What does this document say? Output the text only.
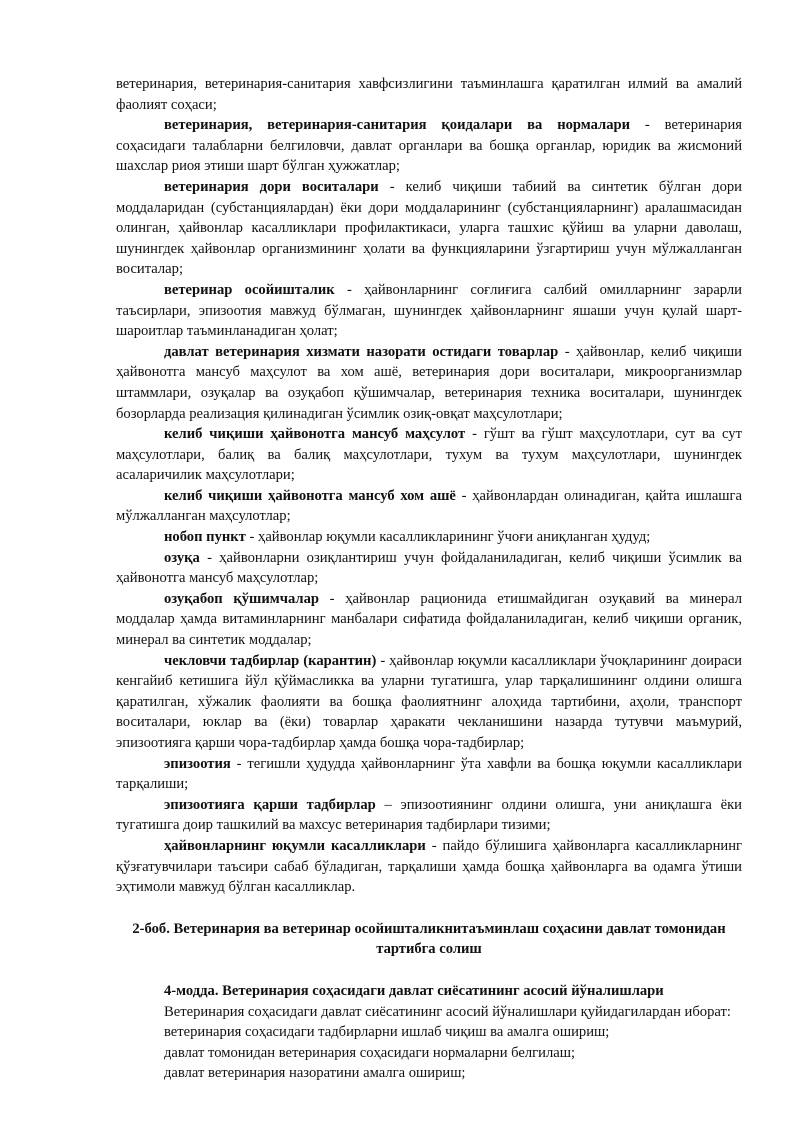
ветеринария, ветеринария-санитария хавфсизлигини таъминлашга қаратилган илмий ва амалий фаолият соҳаси;

ветеринария, ветеринария-санитария қоидалари ва нормалари - ветеринария соҳасидаги талабларни белгиловчи, давлат органлари ва бошқа органлар, юридик ва жисмоний шахслар риоя этиши шарт бўлган ҳужжатлар;

ветеринария дори воситалари - келиб чиқиши табиий ва синтетик бўлган дори моддаларидан (субстанциялардан) ёки дори моддаларининг (субстанцияларнинг) аралашмасидан олинган, ҳайвонлар касалликлари профилактикаси, уларга ташхис қўйиш ва уларни даволаш, шунингдек ҳайвонлар организмининг ҳолати ва функцияларини ўзгартириш учун мўлжалланган воситалар;

ветеринар осойишталик - ҳайвонларнинг соғлиғига салбий омилларнинг зарарли таъсирлари, эпизоотия мавжуд бўлмаган, шунингдек ҳайвонларнинг яшаши учун қулай шарт-шароитлар таъминланадиган ҳолат;

давлат ветеринария хизмати назорати остидаги товарлар - ҳайвонлар, келиб чиқиши ҳайвонотга мансуб маҳсулот ва хом ашё, ветеринария дори воситалари, микроорганизмлар штаммлари, озуқалар ва озуқабоп қўшимчалар, ветеринария техника воситалари, шунингдек бозорларда реализация қилинадиган ўсимлик озиқ-овқат маҳсулотлари;

келиб чиқиши ҳайвонотга мансуб маҳсулот - гўшт ва гўшт маҳсулотлари, сут ва сут маҳсулотлари, балиқ ва балиқ маҳсулотлари, тухум ва тухум маҳсулотлари, шунингдек асаларичилик маҳсулотлари;

келиб чиқиши ҳайвонотга мансуб хом ашё - ҳайвонлардан олинадиган, қайта ишлашга мўлжалланган маҳсулотлар;

нобоп пункт - ҳайвонлар юқумли касалликларининг ўчоғи аниқланган ҳудуд;

озуқа - ҳайвонларни озиқлантириш учун фойдаланиладиган, келиб чиқиши ўсимлик ва ҳайвонотга мансуб маҳсулотлар;

озуқабоп қўшимчалар - ҳайвонлар рационида етишмайдиган озуқавий ва минерал моддалар ҳамда витаминларнинг манбалари сифатида фойдаланиладиган, келиб чиқиши органик, минерал ва синтетик моддалар;

чекловчи тадбирлар (карантин) - ҳайвонлар юқумли касалликлари ўчоқларининг доираси кенгайиб кетишига йўл қўймасликка ва уларни тугатишга, улар тарқалишининг олдини олишга қаратилган, хўжалик фаолияти ва бошқа фаолиятнинг алоҳида тартибини, аҳоли, транспорт воситалари, юклар ва (ёки) товарлар ҳаракати чекланишини назарда тутувчи маъмурий, эпизоотияга қарши чора-тадбирлар ҳамда бошқа чора-тадбирлар;

эпизоотия - тегишли ҳудудда ҳайвонларнинг ўта хавфли ва бошқа юқумли касалликлари тарқалиши;

эпизоотияга қарши тадбирлар – эпизоотиянинг олдини олишга, уни аниқлашга ёки тугатишга доир ташкилий ва махсус ветеринария тадбирлари тизими;

ҳайвонларнинг юқумли касалликлари - пайдо бўлишига ҳайвонларга касалликларнинг қўзғатувчилари таъсири сабаб бўладиган, тарқалиши ҳамда бошқа ҳайвонларга ва одамга ўтиши эҳтимоли мавжуд бўлган касалликлар.

2-боб. Ветеринария ва ветеринар осойишталикнитаъминлаш соҳасини давлат томонидан тартибга солиш
4-модда. Ветеринария соҳасидаги давлат сиёсатининг асосий йўналишлари

Ветеринария соҳасидаги давлат сиёсатининг асосий йўналишлари қуйидагилардан иборат:

ветеринария соҳасидаги тадбирларни ишлаб чиқиш ва амалга ошириш;

давлат томонидан ветеринария соҳасидаги нормаларни белгилаш;

давлат ветеринария назоратини амалга ошириш;
